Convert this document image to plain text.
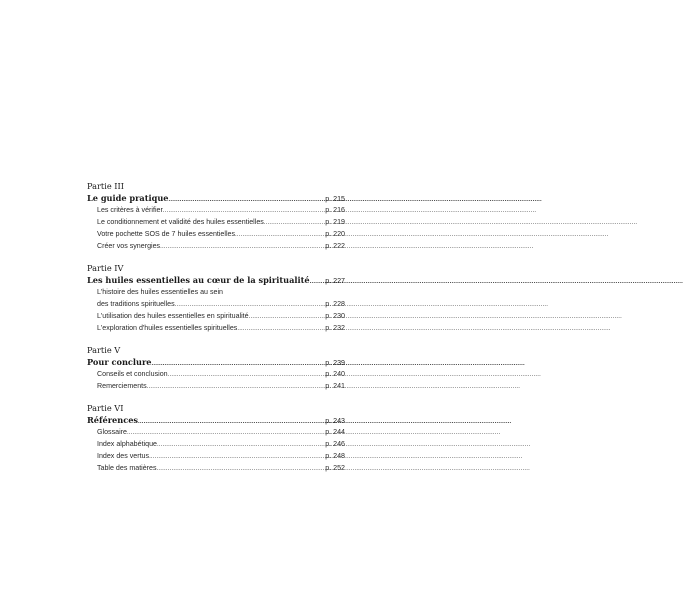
Partie III
Le guide pratique .....	p. 215
Les critères à vérifier .....	p. 216
Le conditionnement et validité des huiles essentielles .....	p. 219
Votre pochette SOS de 7 huiles essentielles .....	p. 220
Créer vos synergies .....	p. 222
Partie IV
Les huiles essentielles au cœur de la spiritualité ..... p. 227
L'histoire des huiles essentielles au sein
des traditions spirituelles .....	p. 228
L'utilisation des huiles essentielles en spiritualité .....	p. 230
L'exploration d'huiles essentielles spirituelles .....	p. 232
Partie V
Pour conclure .....	p. 239
Conseils et conclusion .....	p. 240
Remerciements .....	p. 241
Partie VI
Références .....	p. 243
Glossaire .....	p. 244
Index alphabétique .....	p. 246
Index des vertus .....	p. 248
Table des matières .....	p. 252
